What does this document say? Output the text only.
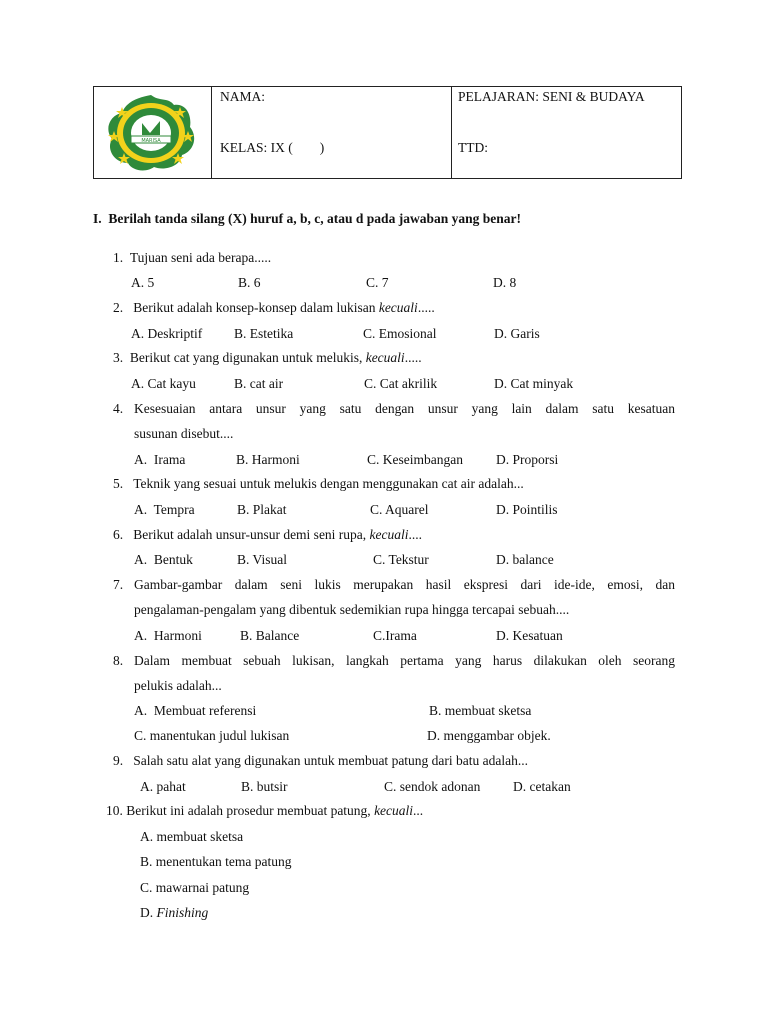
MARISA
NAMA:
KELAS: IX (        )
PELAJARAN: SENI & BUDAYA
TTD:
I. Berilah tanda silang (X) huruf a, b, c, atau d pada jawaban yang benar!
1. Tujuan seni ada berapa.....
A. 5	B. 6	C. 7	D. 8
2. Berikut adalah konsep-konsep dalam lukisan kecuali.....
A. Deskriptif B. Estetika	C. Emosional	D. Garis
3. Berikut cat yang digunakan untuk melukis, kecuali.....
A. Cat kayu	B. cat air	C. Cat akrilik	D. Cat minyak
4. Kesesuaian antara unsur yang satu dengan unsur yang lain dalam satu kesatuan
susunan disebut....
A.  Irama	B. Harmoni	C. Keseimbangan D. Proporsi
5. Teknik yang sesuai untuk melukis dengan menggunakan cat air adalah...
A.  Tempra	B. Plakat	C. Aquarel	D. Pointilis
6. Berikut adalah unsur-unsur demi seni rupa, kecuali....
A.  Bentuk	B. Visual	C. Tekstur	D. balance
7. Gambar-gambar dalam seni lukis merupakan hasil ekspresi dari ide-ide, emosi, dan
pengalaman-pengalam yang dibentuk sedemikian rupa hingga tercapai sebuah....
A.  Harmoni	B. Balance	C.Irama	D. Kesatuan
8. Dalam membuat sebuah lukisan, langkah pertama yang harus dilakukan oleh seorang
pelukis adalah...
A.  Membuat referensi	B. membuat sketsa
C. manentukan judul lukisan	D. menggambar objek.
9. Salah satu alat yang digunakan untuk membuat patung dari batu adalah...
A. pahat	B. butsir	C. sendok adonan D. cetakan
10. Berikut ini adalah prosedur membuat patung, kecuali...
A. membuat sketsa
B. menentukan tema patung
C. mawarnai patung
D. Finishing
